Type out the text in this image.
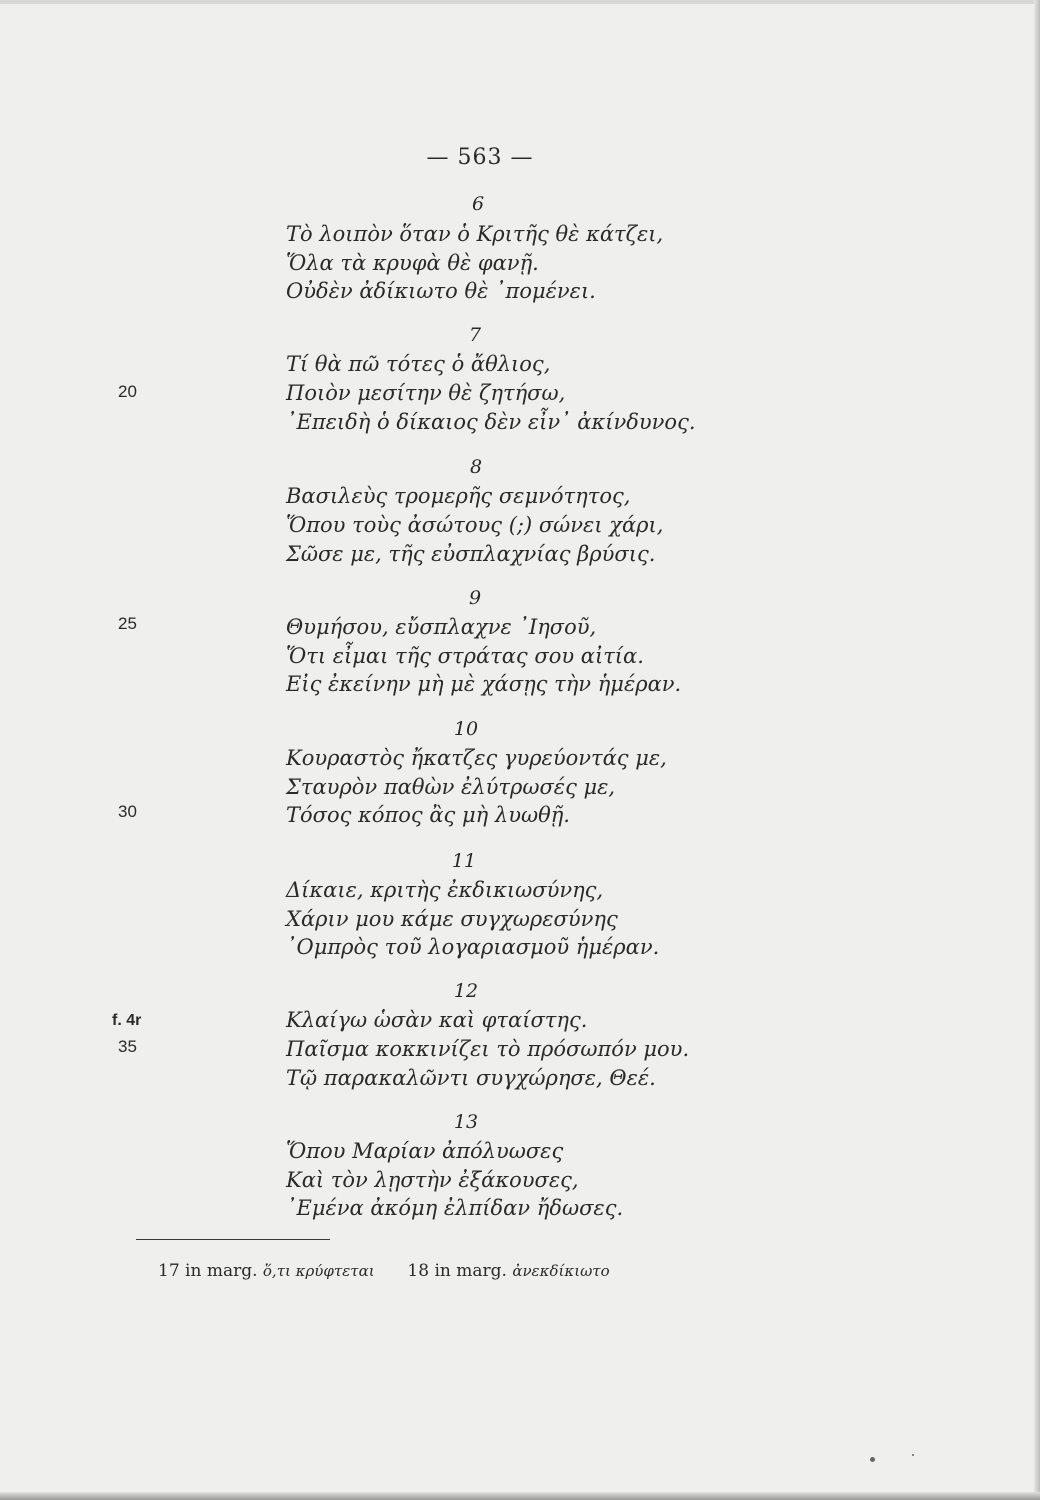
— 563 —
6
Τὸ λοιπὸν ὅταν ὁ Κριτῆς θὲ κάτζει,
Ὅλα τὰ κρυφὰ θὲ φανῇ.
Οὐδὲν ἀδίκιωτο θὲ ᾿πομένει.
7
Τί θὰ πῶ τότες ὁ ἄθλιος,
Ποιὸν μεσίτην θὲ ζητήσω,
᾿Επειδὴ ὁ δίκαιος δὲν εἶν᾿ ἀκίνδυνος.
8
Βασιλεὺς τρομερῆς σεμνότητος,
Ὅπου τοὺς ἀσώτους (;) σώνει χάρι,
Σῶσε με, τῆς εὐσπλαχνίας βρύσις.
9
Θυμήσου, εὔσπλαχνε ᾿Ιησοῦ,
Ὅτι εἶμαι τῆς στράτας σου αἰτία.
Εἰς ἐκείνην μὴ μὲ χάσῃς τὴν ἡμέραν.
10
Κουραστὸς ἤκατζες γυρεύοντάς με,
Σταυρὸν παθὼν ἐλύτρωσές με,
Τόσος κόπος ἂς μὴ λυωθῇ.
11
Δίκαιε, κριτὴς ἐκδικιωσύνης,
Χάριν μου κάμε συγχωρεσύνης
᾿Ομπρὸς τοῦ λογαριασμοῦ ἡμέραν.
12
Κλαίγω ὡσὰν καὶ φταίστης.
Παῖσμα κοκκινίζει τὸ πρόσωπόν μου.
Τῷ παρακαλῶντι συγχώρησε, Θεέ.
13
Ὅπου Μαρίαν ἀπόλυωσες
Καὶ τὸν λῃστὴν ἐξάκουσες,
᾿Εμένα ἀκόμη ἐλπίδαν ἤδωσες.
20
25
30
f. 4r
35
17 in marg. ὅ,τι κρύφτεται 18 in marg. ἀνεκδίκιωτο
